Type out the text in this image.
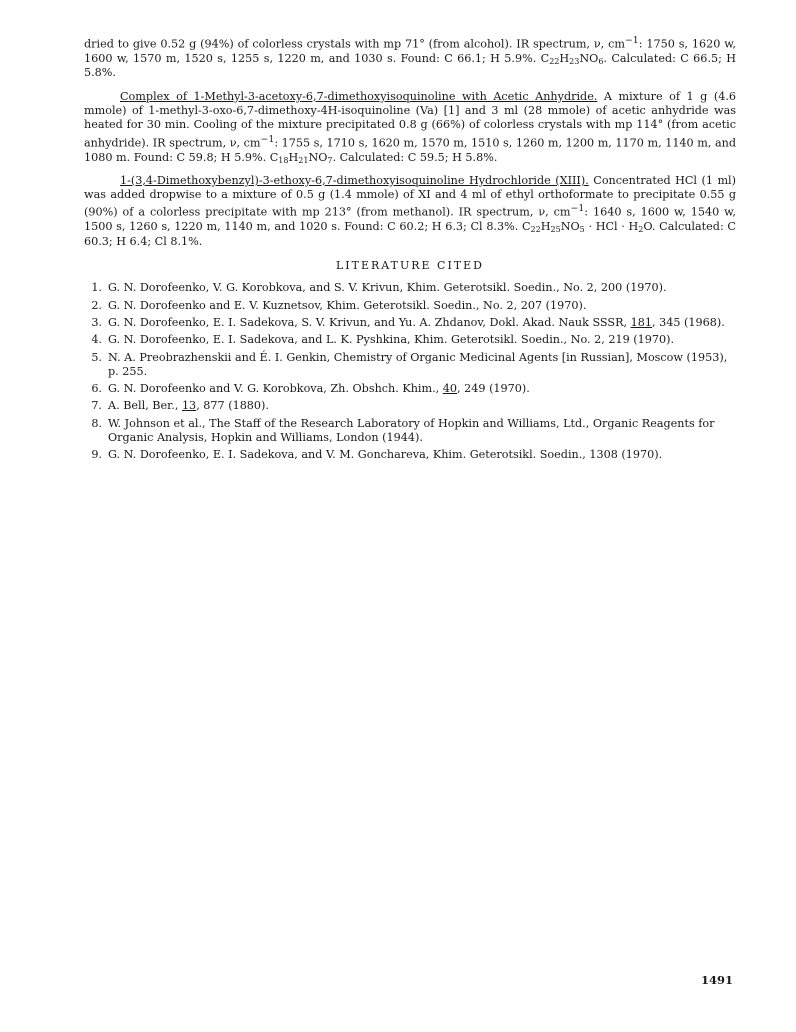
dried to give 0.52 g (94%) of colorless crystals with mp 71° (from alcohol). IR spectrum, ν, $cm^{-1}$: 1750 s, 1620 w, 1600 w, 1570 m, 1520 s, 1255 s, 1220 m, and 1030 s. Found: C 66.1; H 5.9%. $C_{22}H_{23}NO_6$. Calculated: C 66.5; H 5.8%.

Complex of 1-Methyl-3-acetoxy-6,7-dimethoxyisoquinoline with Acetic Anhydride. A mixture of 1 g (4.6 mmole) of 1-methyl-3-oxo-6,7-dimethoxy-4H-isoquinoline (Va) [1] and 3 ml (28 mmole) of acetic anhydride was heated for 30 min. Cooling of the mixture precipitated 0.8 g (66%) of colorless crystals with mp 114° (from acetic anhydride). IR spectrum, ν, $cm^{-1}$: 1755 s, 1710 s, 1620 m, 1570 m, 1510 s, 1260 m, 1200 m, 1170 m, 1140 m, and 1080 m. Found: C 59.8; H 5.9%. $C_{18}H_{21}NO_7$. Calculated: C 59.5; H 5.8%.

1-(3,4-Dimethoxybenzyl)-3-ethoxy-6,7-dimethoxyisoquinoline Hydrochloride (XIII). Concentrated HCl (1 ml) was added dropwise to a mixture of 0.5 g (1.4 mmole) of XI and 4 ml of ethyl orthoformate to precipitate 0.55 g (90%) of a colorless precipitate with mp 213° (from methanol). IR spectrum, ν, $cm^{-1}$: 1640 s, 1600 w, 1540 w, 1500 s, 1260 s, 1220 m, 1140 m, and 1020 s. Found: C 60.2; H 6.3; Cl 8.3%. $C_{22}H_{25}NO_5$ · HCl · $H_2O$. Calculated: C 60.3; H 6.4; Cl 8.1%.

LITERATURE CITED
1. G. N. Dorofeenko, V. G. Korobkova, and S. V. Krivun, Khim. Geterotsikl. Soedin., No. 2, 200 (1970).
2. G. N. Dorofeenko and E. V. Kuznetsov, Khim. Geterotsikl. Soedin., No. 2, 207 (1970).
3. G. N. Dorofeenko, E. I. Sadekova, S. V. Krivun, and Yu. A. Zhdanov, Dokl. Akad. Nauk SSSR, 181, 345 (1968).
4. G. N. Dorofeenko, E. I. Sadekova, and L. K. Pyshkina, Khim. Geterotsikl. Soedin., No. 2, 219 (1970).
5. N. A. Preobrazhenskii and É. I. Genkin, Chemistry of Organic Medicinal Agents [in Russian], Moscow (1953), p. 255.
6. G. N. Dorofeenko and V. G. Korobkova, Zh. Obshch. Khim., 40, 249 (1970).
7. A. Bell, Ber., 13, 877 (1880).
8. W. Johnson et al., The Staff of the Research Laboratory of Hopkin and Williams, Ltd., Organic Reagents for Organic Analysis, Hopkin and Williams, London (1944).
9. G. N. Dorofeenko, E. I. Sadekova, and V. M. Gonchareva, Khim. Geterotsikl. Soedin., 1308 (1970).
1491
